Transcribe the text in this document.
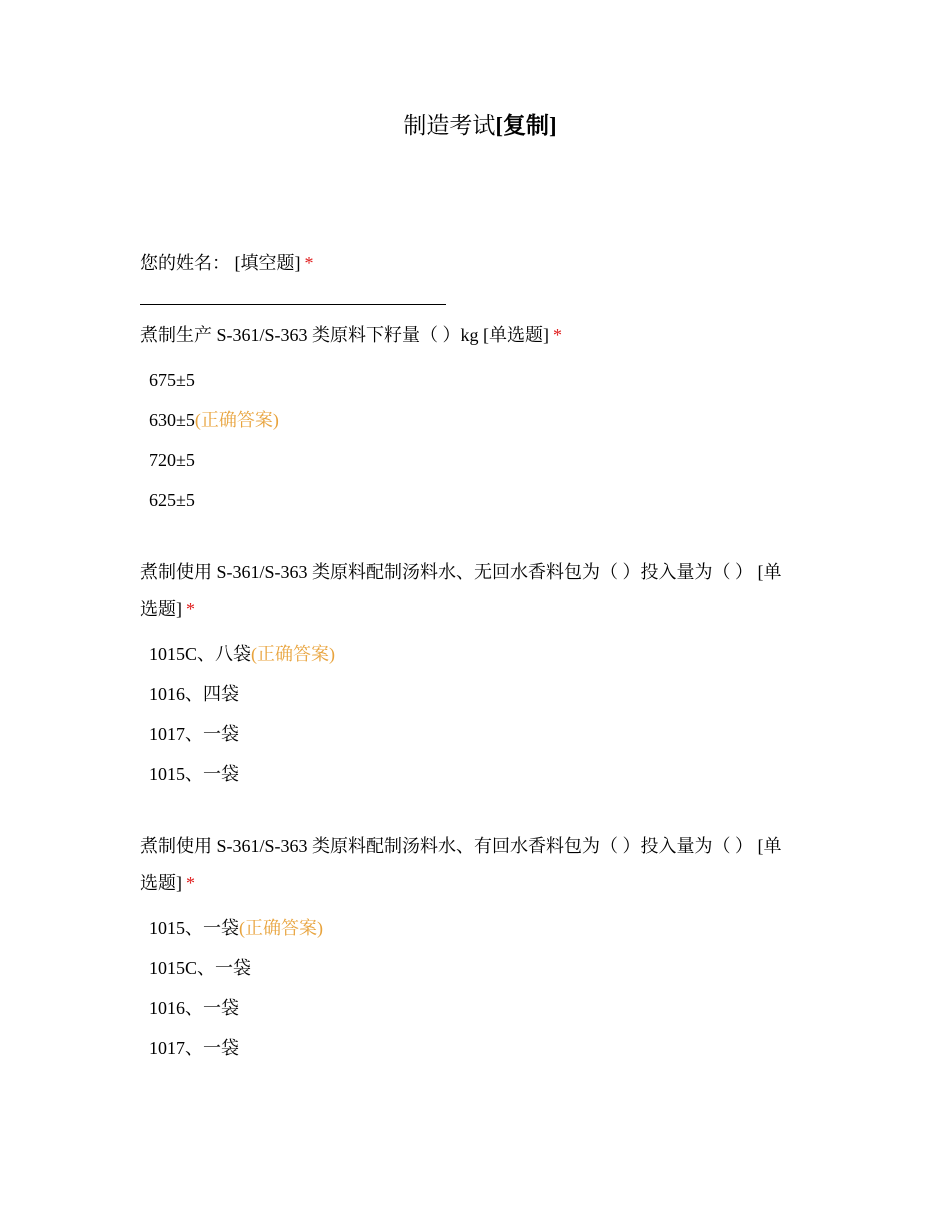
制造考试[复制]

您的姓名： [填空题] *

煮制生产 S-361/S-363 类原料下籽量（ ）kg [单选题] *

675±5
630±5(正确答案)
720±5
625±5

煮制使用 S-361/S-363 类原料配制汤料水、无回水香料包为（ ）投入量为（ ） [单

选题] *

1015C、八袋(正确答案)
1016、四袋
1017、一袋
1015、一袋

煮制使用 S-361/S-363 类原料配制汤料水、有回水香料包为（ ）投入量为（ ） [单

选题] *

1015、一袋(正确答案)
1015C、一袋
1016、一袋
1017、一袋
